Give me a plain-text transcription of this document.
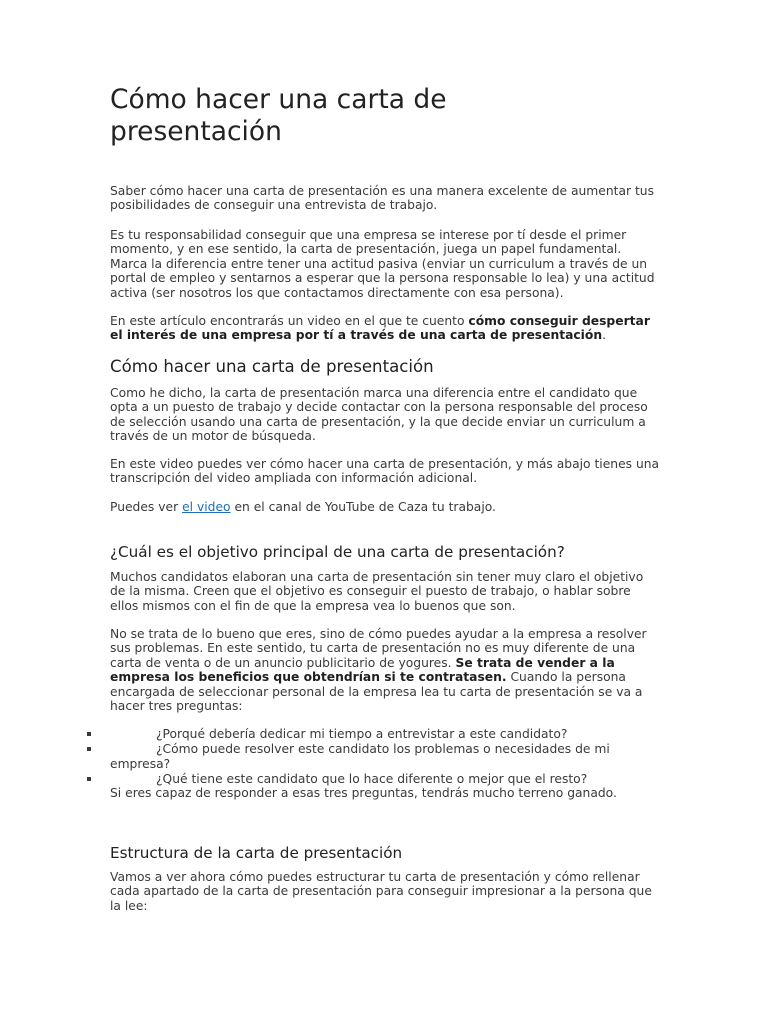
Cómo hacer una carta de
presentación

Saber cómo hacer una carta de presentación es una manera excelente de aumentar tus posibilidades de conseguir una entrevista de trabajo.

Es tu responsabilidad conseguir que una empresa se interese por tí desde el primer momento, y en ese sentido, la carta de presentación, juega un papel fundamental. Marca la diferencia entre tener una actitud pasiva (enviar un curriculum a través de un portal de empleo y sentarnos a esperar que la persona responsable lo lea) y una actitud activa (ser nosotros los que contactamos directamente con esa persona).

En este artículo encontrarás un video en el que te cuento cómo conseguir despertar el interés de una empresa por tí a través de una carta de presentación.

Cómo hacer una carta de presentación

Como he dicho, la carta de presentación marca una diferencia entre el candidato que opta a un puesto de trabajo y decide contactar con la persona responsable del proceso de selección usando una carta de presentación, y la que decide enviar un curriculum a través de un motor de búsqueda.

En este video puedes ver cómo hacer una carta de presentación, y más abajo tienes una transcripción del video ampliada con información adicional.

Puedes ver el video en el canal de YouTube de Caza tu trabajo.

¿Cuál es el objetivo principal de una carta de presentación?

Muchos candidatos elaboran una carta de presentación sin tener muy claro el objetivo de la misma. Creen que el objetivo es conseguir el puesto de trabajo, o hablar sobre ellos mismos con el fin de que la empresa vea lo buenos que son.

No se trata de lo bueno que eres, sino de cómo puedes ayudar a la empresa a resolver sus problemas. En este sentido, tu carta de presentación no es muy diferente de una carta de venta o de un anuncio publicitario de yogures. Se trata de vender a la empresa los beneficios que obtendrían si te contratasen. Cuando la persona encargada de seleccionar personal de la empresa lea tu carta de presentación se va a hacer tres preguntas:

¿Porqué debería dedicar mi tiempo a entrevistar a este candidato?
¿Cómo puede resolver este candidato los problemas o necesidades de mi
empresa?
¿Qué tiene este candidato que lo hace diferente o mejor que el resto?

Si eres capaz de responder a esas tres preguntas, tendrás mucho terreno ganado.

Estructura de la carta de presentación

Vamos a ver ahora cómo puedes estructurar tu carta de presentación y cómo rellenar cada apartado de la carta de presentación para conseguir impresionar a la persona que la lee:
